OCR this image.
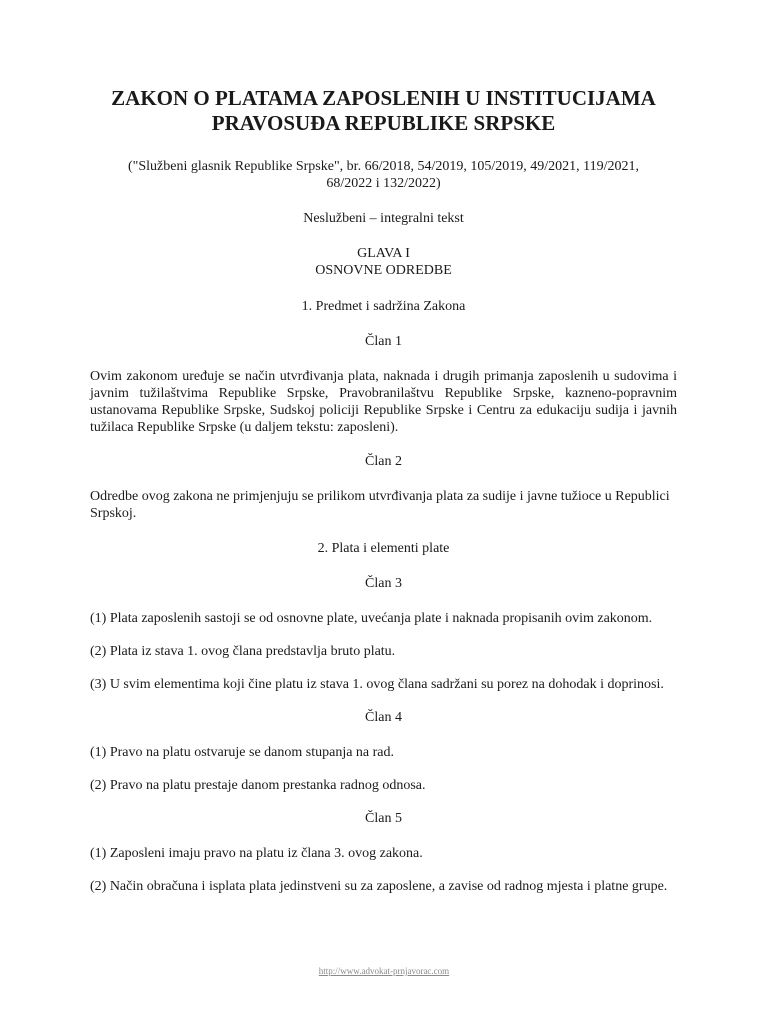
ZAKON O PLATAMA ZAPOSLENIH U INSTITUCIJAMA
PRAVOSUĐA REPUBLIKE SRPSKE

("Službeni glasnik Republike Srpske", br. 66/2018, 54/2019, 105/2019, 49/2021, 119/2021,
68/2022 i 132/2022)

Neslužbeni – integralni tekst

GLAVA I

OSNOVNE ODREDBE

1. Predmet i sadržina Zakona

Član 1

Ovim zakonom uređuje se način utvrđivanja plata, naknada i drugih primanja zaposlenih u sudovima i javnim tužilaštvima Republike Srpske, Pravobranilaštvu Republike Srpske, kazneno-popravnim ustanovama Republike Srpske, Sudskoj policiji Republike Srpske i Centru za edukaciju sudija i javnih tužilaca Republike Srpske (u daljem tekstu: zaposleni).

Član 2

Odredbe ovog zakona ne primjenjuju se prilikom utvrđivanja plata za sudije i javne tužioce u Republici Srpskoj.

2. Plata i elementi plate

Član 3

(1) Plata zaposlenih sastoji se od osnovne plate, uvećanja plate i naknada propisanih ovim zakonom.

(2) Plata iz stava 1. ovog člana predstavlja bruto platu.

(3) U svim elementima koji čine platu iz stava 1. ovog člana sadržani su porez na dohodak i doprinosi.

Član 4

(1) Pravo na platu ostvaruje se danom stupanja na rad.

(2) Pravo na platu prestaje danom prestanka radnog odnosa.

Član 5

(1) Zaposleni imaju pravo na platu iz člana 3. ovog zakona.

(2) Način obračuna i isplata plata jedinstveni su za zaposlene, a zavise od radnog mjesta i platne grupe.

http://www.advokat-prnjavorac.com
